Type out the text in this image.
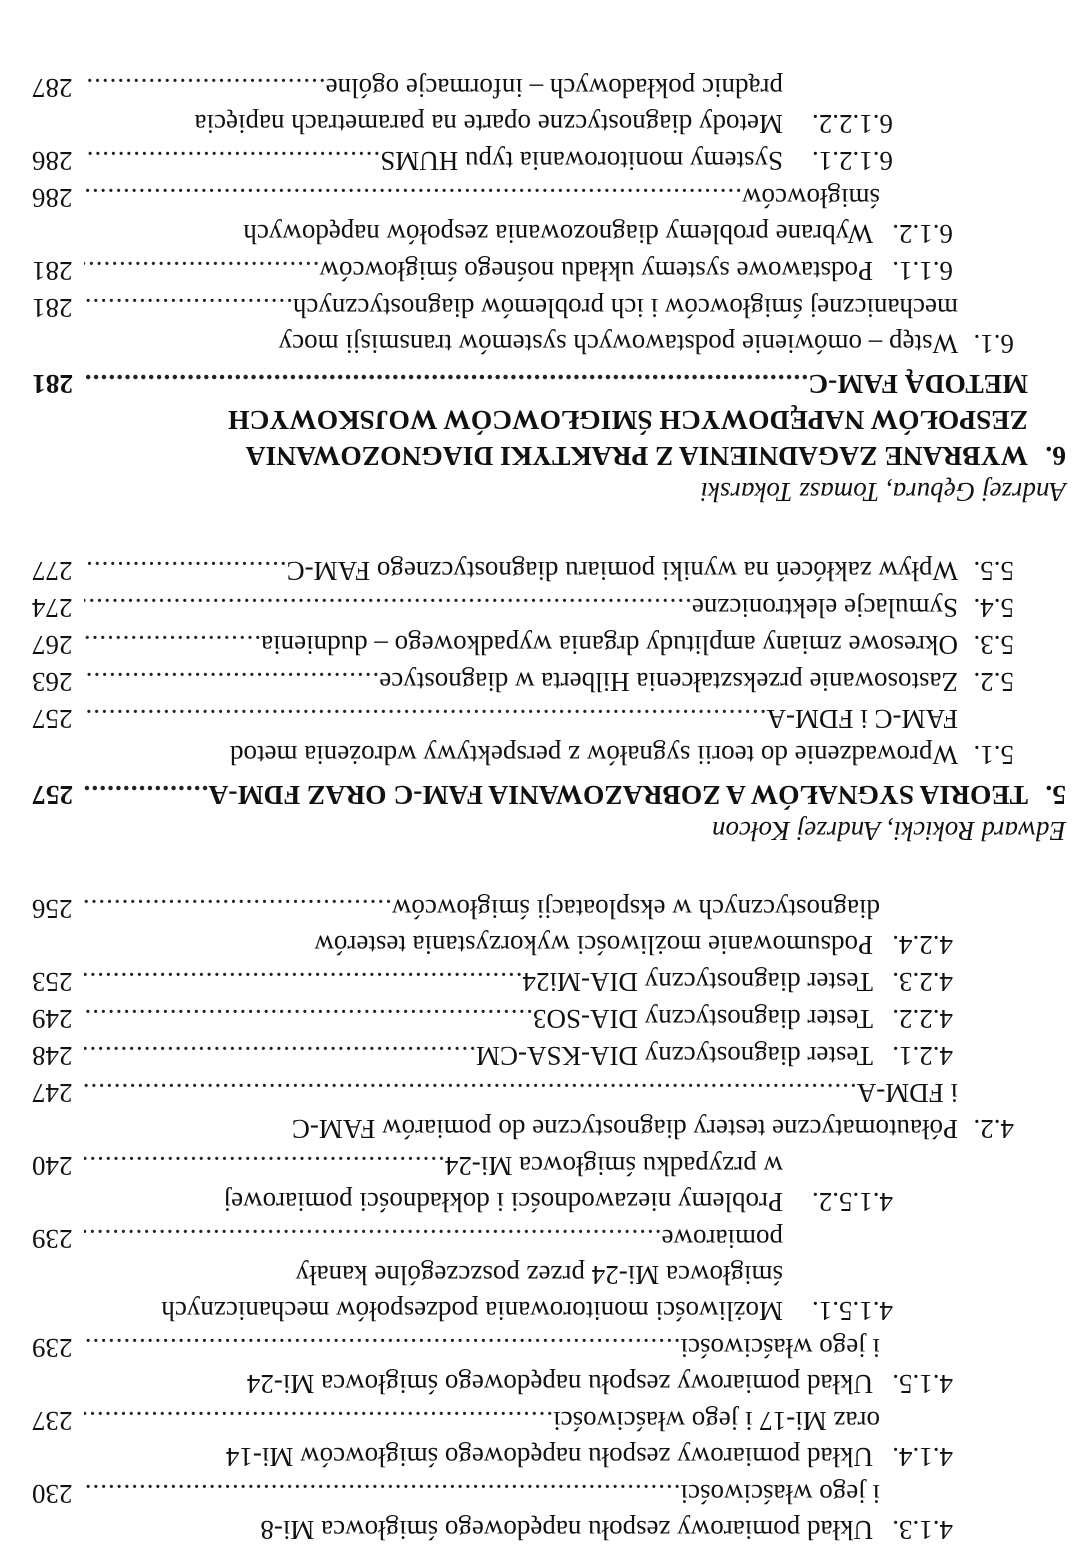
4.1.3.
Układ pomiarowy zespołu napędowego śmigłowca Mi-8
i jego właściwości
.....
230
4.1.4.
Układ pomiarowy zespołu napędowego śmigłowców Mi-14
oraz Mi-17 i jego właściwości
.....
237
4.1.5.
Układ pomiarowy zespołu napędowego śmigłowca Mi-24
i jego właściwości
.....
239
4.1.5.1.
Możliwości monitorowania podzespołów mechanicznych
śmigłowca Mi-24 przez poszczególne kanały
pomiarowe
.....
239
4.1.5.2.
Problemy niezawodności i dokładności pomiarowej
w przypadku śmigłowca Mi-24
.....
240
4.2.
Półautomatyczne testery diagnostyczne do pomiarów FAM-C
i FDM-A
.....
247
4.2.1.
Tester diagnostyczny DIA-KSA-CM
.....
248
4.2.2.
Tester diagnostyczny DIA-SO3
.....
249
4.2.3.
Tester diagnostyczny DIA-Mi24
.....
253
4.2.4.
Podsumowanie możliwości wykorzystania testerów
diagnostycznych w eksploatacji śmigłowców
.....
256
Edward Rokicki, Andrzej Kołcon
5.
TEORIA SYGNAŁÓW A ZOBRAZOWANIA FAM-C ORAZ FDM-A
.....
257
5.1.
Wprowadzenie do teorii sygnałów z perspektywy wdrożenia metod
FAM-C i FDM-A
.....
257
5.2.
Zastosowanie przekształcenia Hilberta w diagnostyce
.....
263
5.3.
Okresowe zmiany amplitudy drgania wypadkowego – dudnienia
.....
267
5.4.
Symulacje elektroniczne
.....
274
5.5.
Wpływ zakłóceń na wyniki pomiaru diagnostycznego FAM-C
.....
277
Andrzej Gębura, Tomasz Tokarski
6.
WYBRANE ZAGADNIENIA Z PRAKTYKI DIAGNOZOWANIA
ZESPOŁÓW NAPĘDOWYCH ŚMIGŁOWCÓW WOJSKOWYCH
METODĄ FAM-C
.....
281
6.1.
Wstęp – omówienie podstawowych systemów transmisji mocy
mechanicznej śmigłowców i ich problemów diagnostycznych
.....
281
6.1.1.
Podstawowe systemy układu nośnego śmigłowców
.....
281
6.1.2.
Wybrane problemy diagnozowania zespołów napędowych
śmigłowców
.....
286
6.1.2.1.
Systemy monitorowania typu HUMS
.....
286
6.1.2.2.
Metody diagnostyczne oparte na parametrach napięcia
prądnic pokładowych – informacje ogólne
.....
287
